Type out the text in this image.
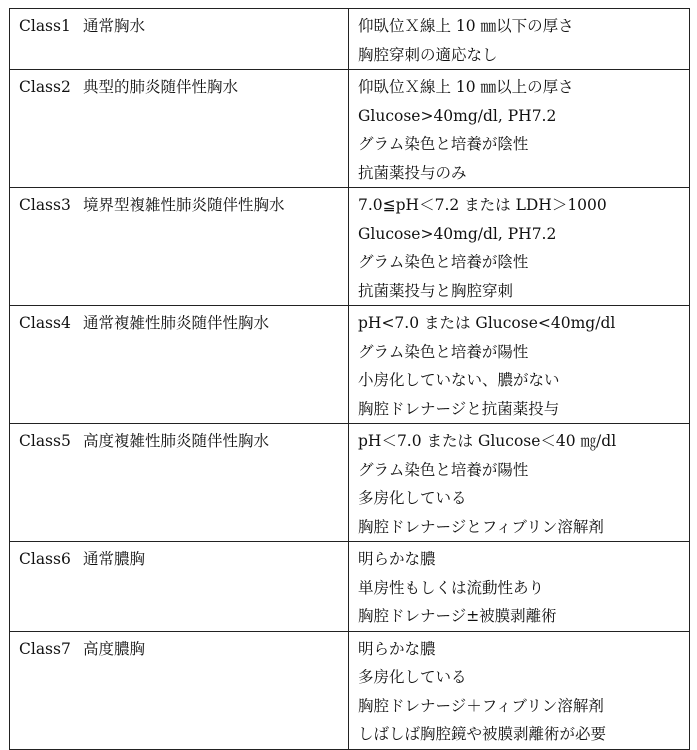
Class1 通常胸水	仰臥位Ｘ線上 10 ㎜以下の厚さ
胸腔穿刺の適応なし

Class2 典型的肺炎随伴性胸水	仰臥位Ｘ線上 10 ㎜以上の厚さ
Glucose>40mg/dl, PH7.2
グラム染色と培養が陰性
抗菌薬投与のみ

Class3 境界型複雑性肺炎随伴性胸水	7.0≦pH＜7.2 または LDH＞1000
Glucose>40mg/dl, PH7.2
グラム染色と培養が陰性
抗菌薬投与と胸腔穿刺

Class4 通常複雑性肺炎随伴性胸水	pH<7.0 または Glucose<40mg/dl
グラム染色と培養が陽性
小房化していない、膿がない
胸腔ドレナージと抗菌薬投与

Class5 高度複雑性肺炎随伴性胸水	pH＜7.0 または Glucose＜40 ㎎/dl
グラム染色と培養が陽性
多房化している
胸腔ドレナージとフィブリン溶解剤

Class6 通常膿胸	明らかな膿
単房性もしくは流動性あり
胸腔ドレナージ±被膜剥離術

Class7 高度膿胸	明らかな膿
多房化している
胸腔ドレナージ＋フィブリン溶解剤
しばしば胸腔鏡や被膜剥離術が必要
